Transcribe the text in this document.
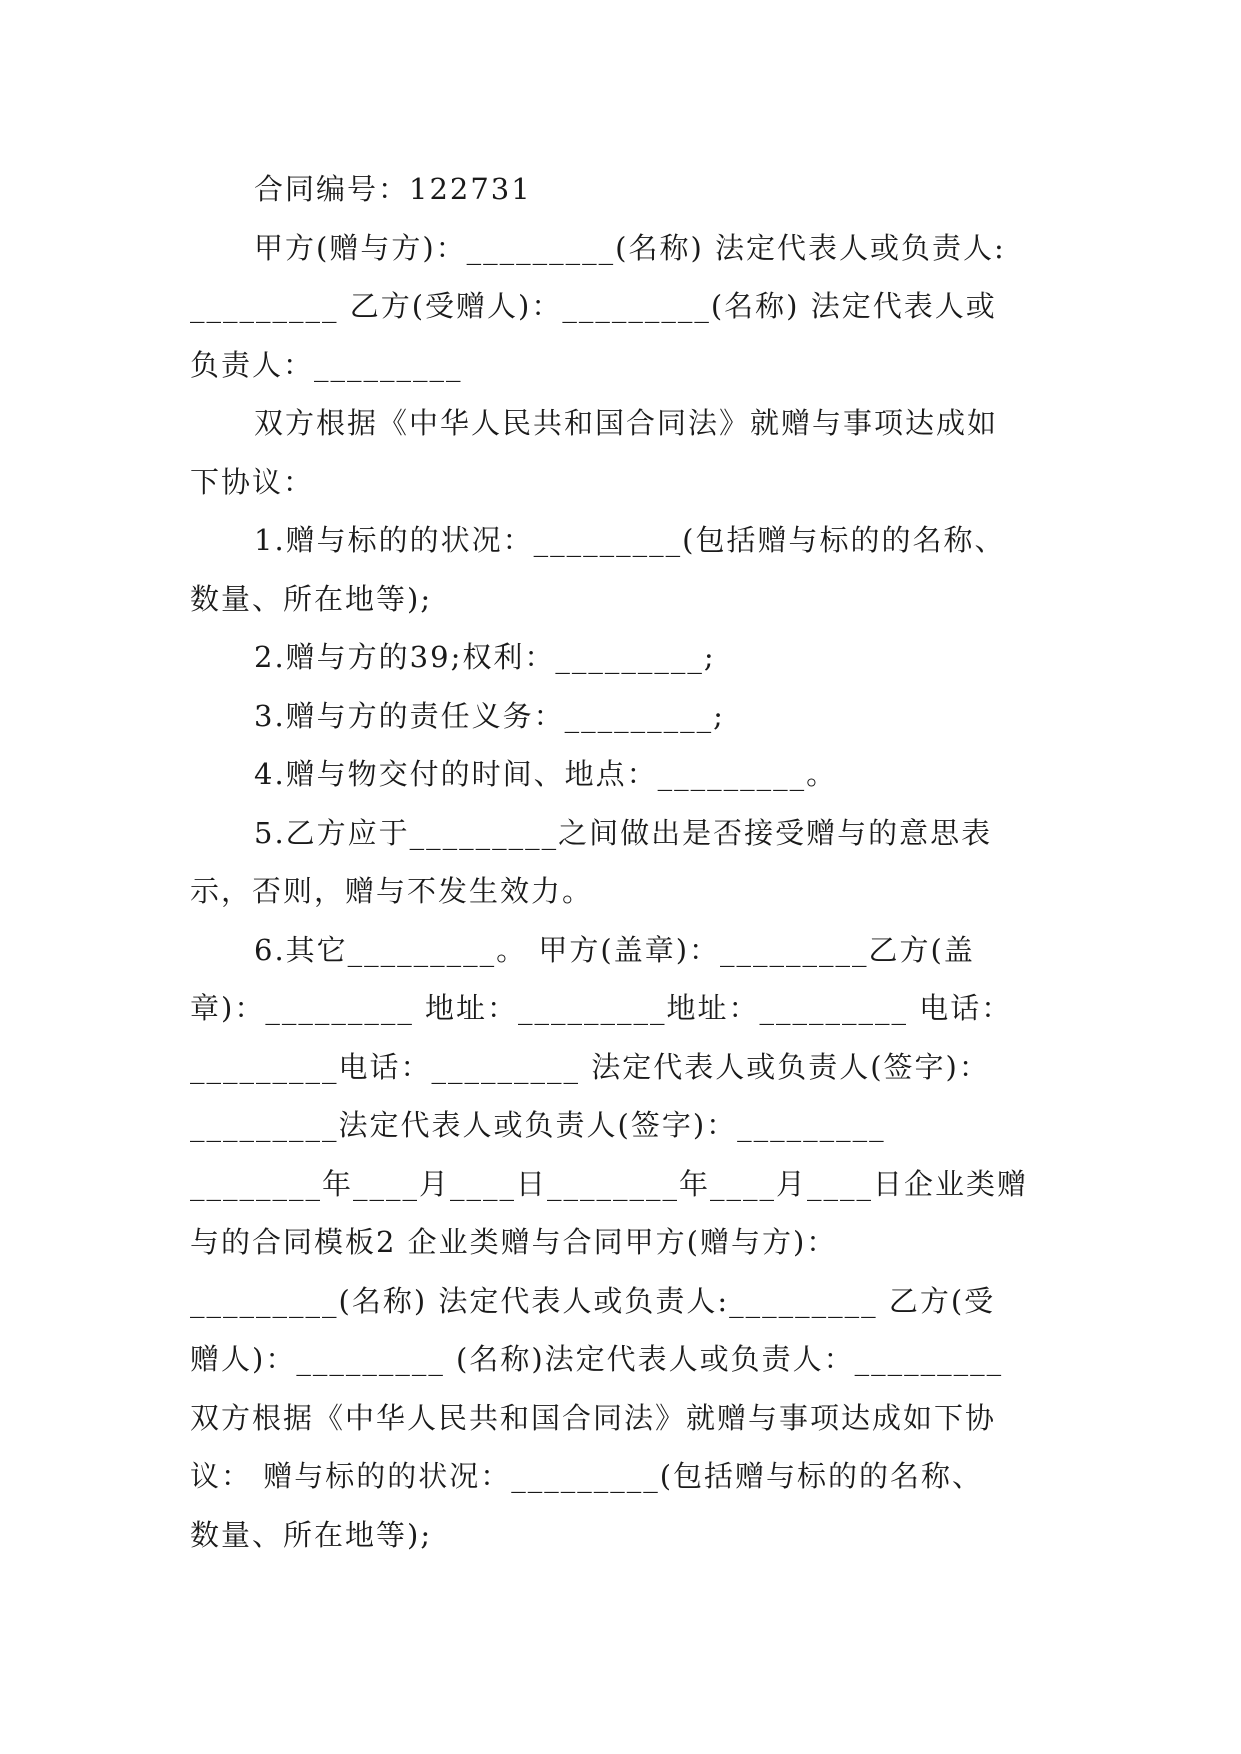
合同编号：122731
甲方(赠与方)：_________(名称) 法定代表人或负责人:
_________ 乙方(受赠人)：_________(名称) 法定代表人或
负责人：_________
双方根据《中华人民共和国合同法》就赠与事项达成如
下协议：
1.赠与标的的状况：_________(包括赠与标的的名称、
数量、所在地等);
2.赠与方的39;权利：_________;
3.赠与方的责任义务：_________;
4.赠与物交付的时间、地点：_________。
5.乙方应于_________之间做出是否接受赠与的意思表
示，否则，赠与不发生效力。
6.其它_________。 甲方(盖章)：_________乙方(盖
章)：_________ 地址：_________地址：_________ 电话：
_________电话：_________ 法定代表人或负责人(签字)：
_________法定代表人或负责人(签字)：_________
________年____月____日________年____月____日企业类赠
与的合同模板2 企业类赠与合同甲方(赠与方)：
_________(名称) 法定代表人或负责人:_________ 乙方(受
赠人)：_________ (名称)法定代表人或负责人：_________
双方根据《中华人民共和国合同法》就赠与事项达成如下协
议： 赠与标的的状况：_________(包括赠与标的的名称、
数量、所在地等);
